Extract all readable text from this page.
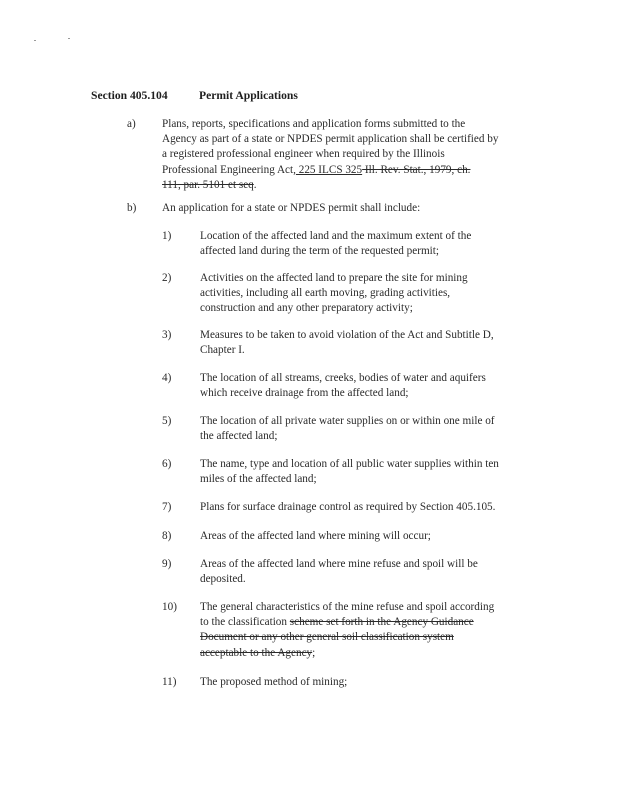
Section 405.104	Permit Applications
a) Plans, reports, specifications and application forms submitted to the
Agency as part of a state or NPDES permit application shall be certified by
a registered professional engineer when required by the Illinois
Professional Engineering Act, 225 ILCS 325 Ill. Rev. Stat., 1979, ch.
111, par. 5101 et seq.
b) An application for a state or NPDES permit shall include:
1)	Location of the affected land and the maximum extent of the
affected land during the term of the requested permit;
2)	Activities on the affected land to prepare the site for mining
activities, including all earth moving, grading activities,
construction and any other preparatory activity;
3)	Measures to be taken to avoid violation of the Act and Subtitle D,
Chapter I.
4)	The location of all streams, creeks, bodies of water and aquifers
which receive drainage from the affected land;
5)	The location of all private water supplies on or within one mile of
the affected land;
6)	The name, type and location of all public water supplies within ten
miles of the affected land;
7)	Plans for surface drainage control as required by Section 405.105.
8)	Areas of the affected land where mining will occur;
9)	Areas of the affected land where mine refuse and spoil will be
deposited.
10) The general characteristics of the mine refuse and spoil according
to the classification scheme set forth in the Agency Guidance
Document or any other general soil classification system
acceptable to the Agency;
11) The proposed method of mining;
